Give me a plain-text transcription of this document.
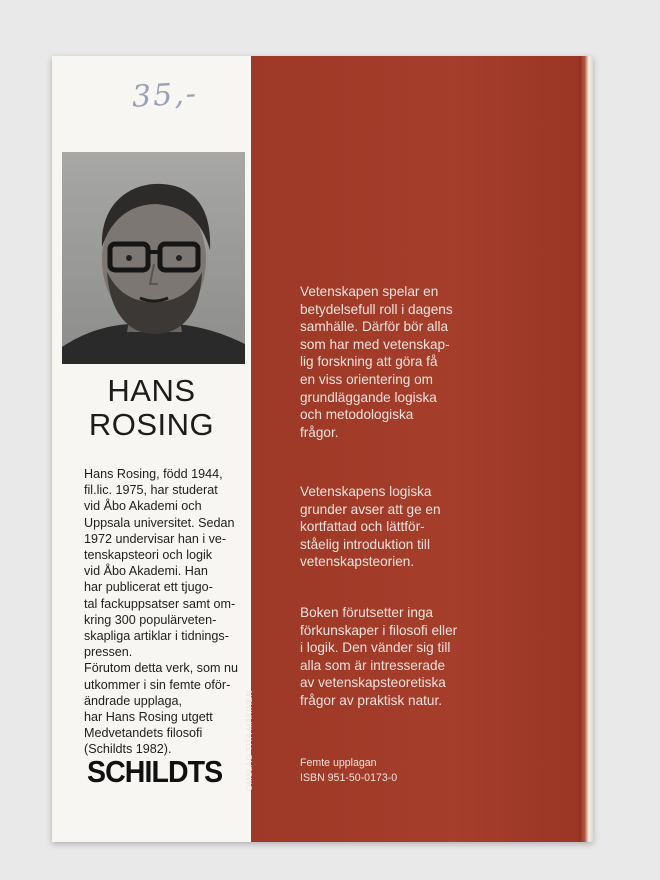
35,-
HANS
ROSING
Hans Rosing, född 1944,
fil.lic. 1975, har studerat
vid Åbo Akademi och
Uppsala universitet. Sedan
1972 undervisar han i ve-
tenskapsteori och logik
vid Åbo Akademi. Han
har publicerat ett tjugo-
tal fackuppsatser samt om-
kring 300 populärveten-
skapliga artiklar i tidnings-
pressen.
Förutom detta verk, som nu
utkommer i sin femte oför-
ändrade upplaga,
har Hans Rosing utgett
Medvetandets filosofi
(Schildts 1982).
SCHILDTS
Vetenskapen spelar en
betydelsefull roll i dagens
samhälle. Därför bör alla
som har med vetenskap-
lig forskning att göra få
en viss orientering om
grundläggande logiska
och metodologiska
frågor.
Vetenskapens logiska
grunder avser att ge en
kortfattad och lättför-
ståelig introduktion till
vetenskapsteorien.
Boken förutsetter inga
förkunskaper i filosofi eller
i logik. Den vänder sig till
alla som är intresserade
av vetenskapsteoretiska
frågor av praktisk natur.
Femte upplagan
ISBN 951-50-0173-0
OMSLAG TITA MÄKINEN
